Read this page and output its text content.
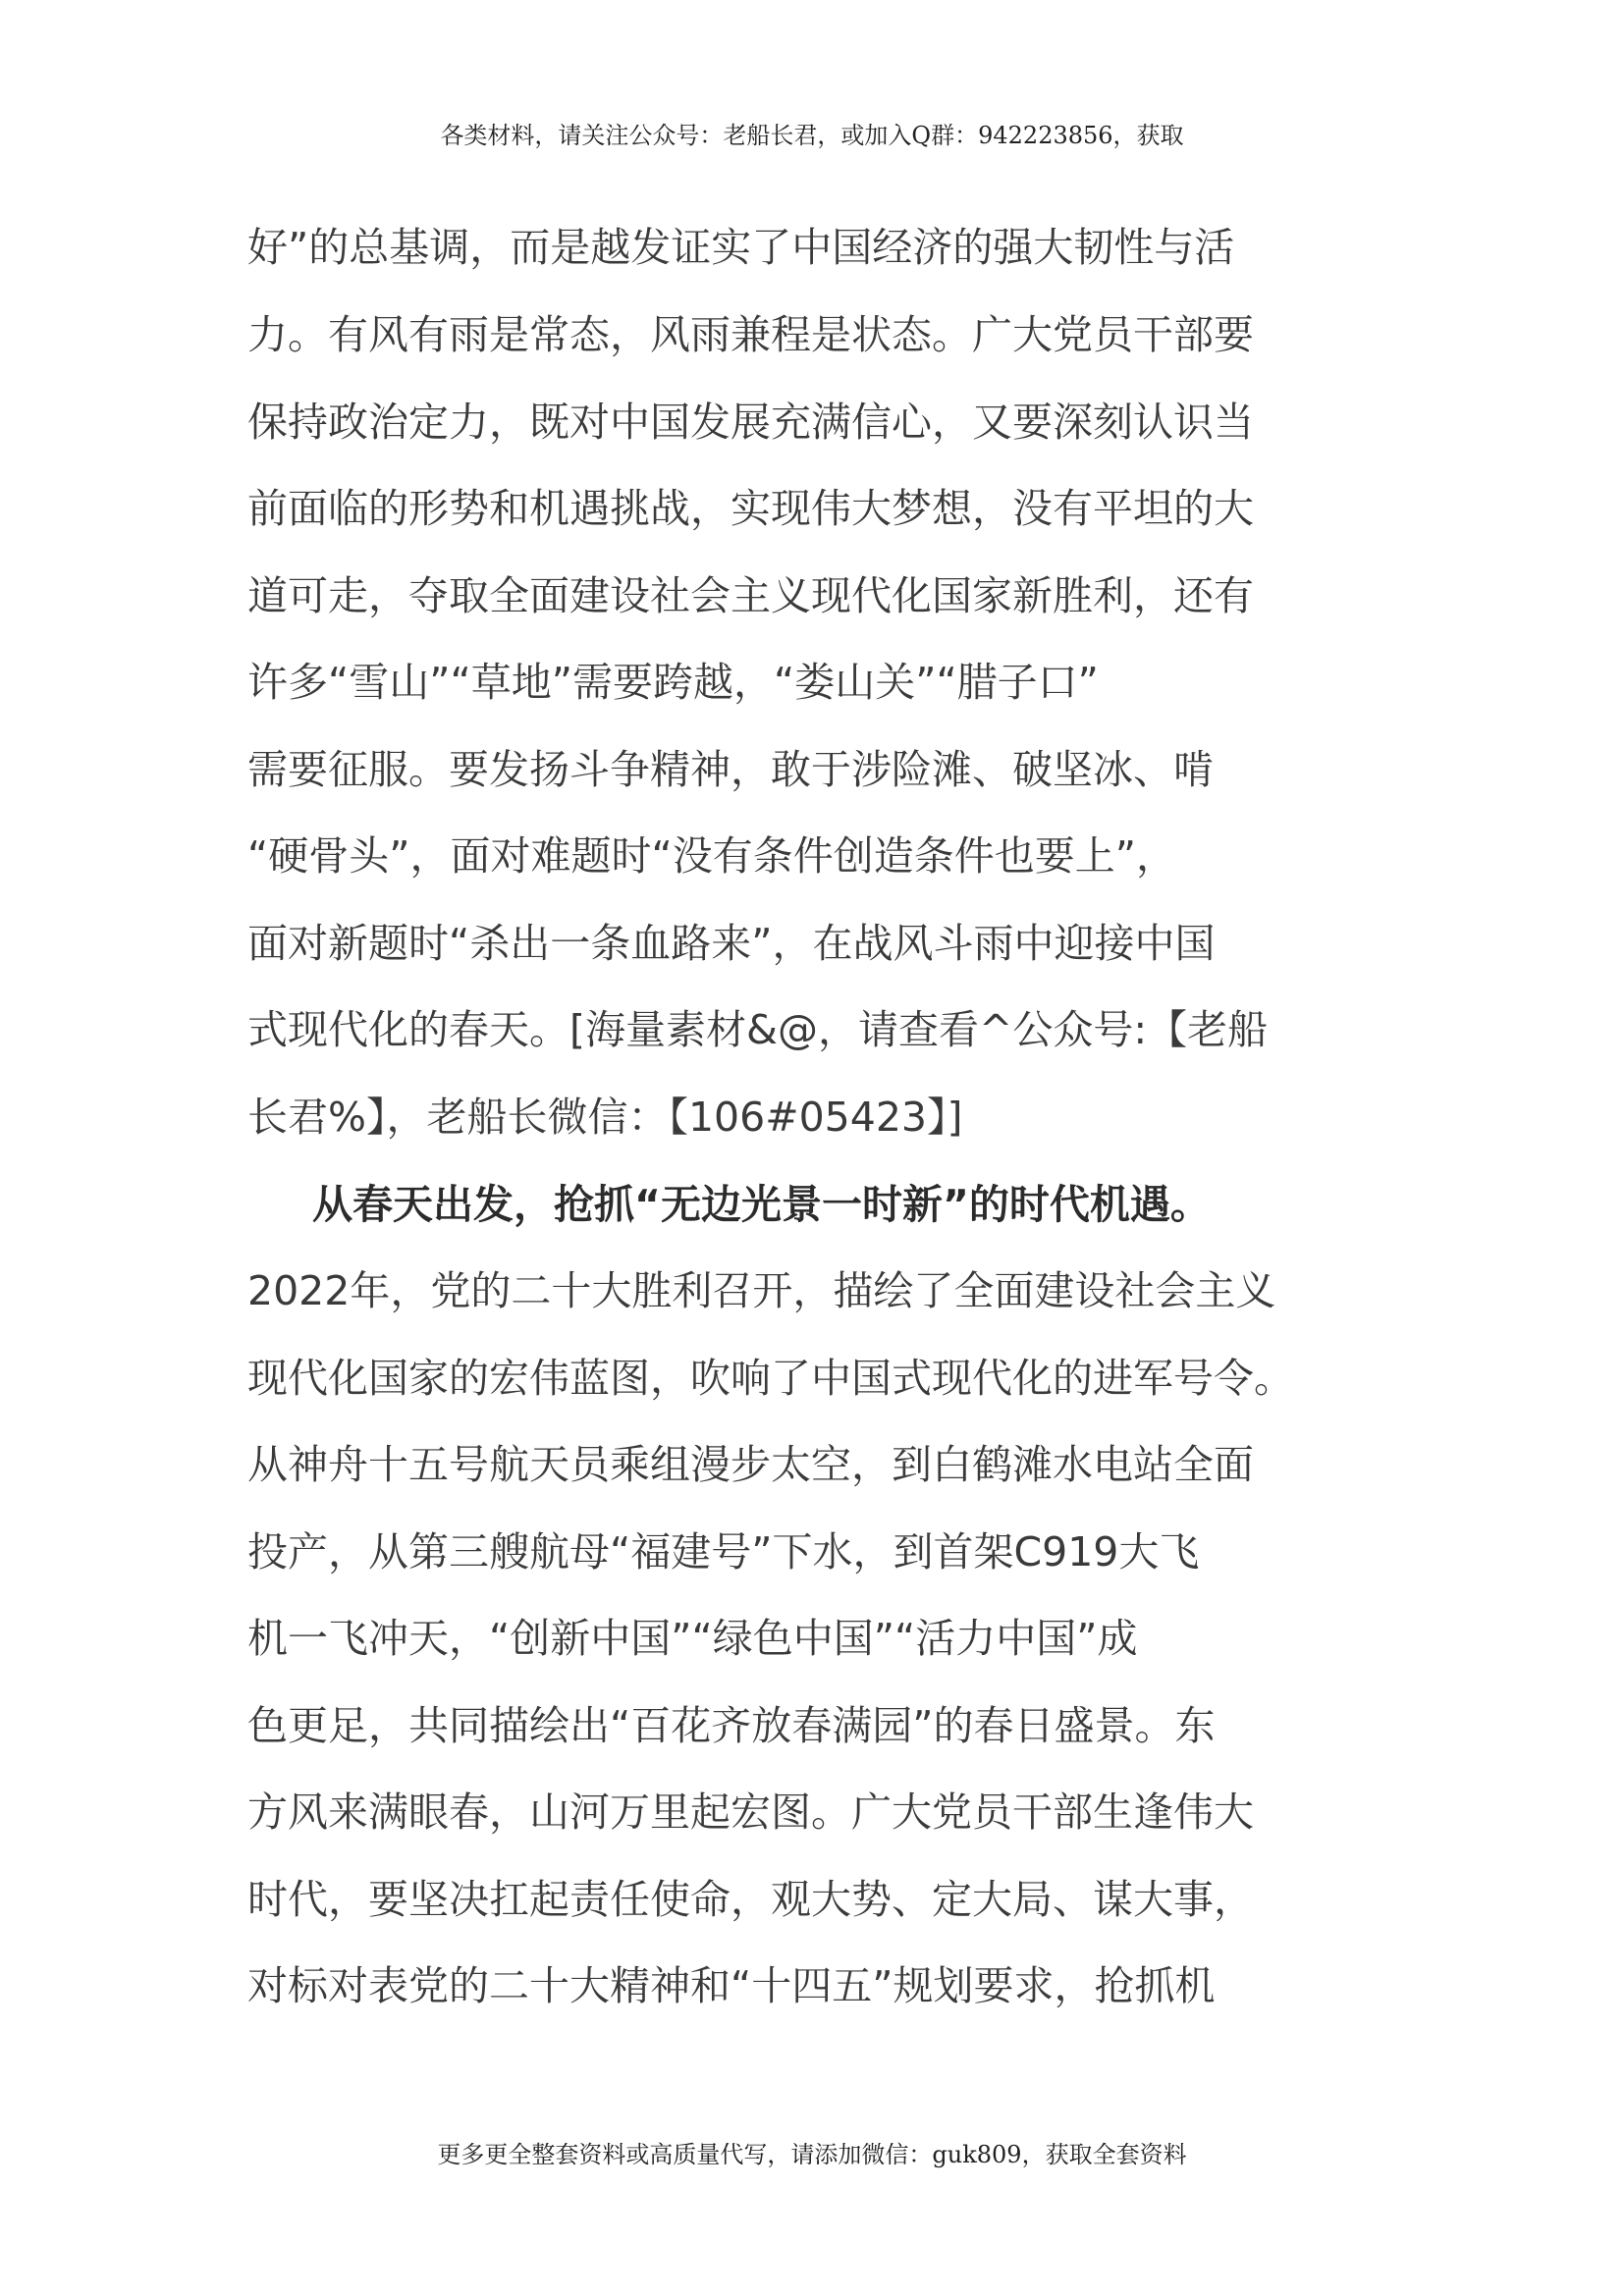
各类材料，请关注公众号：老船长君，或加入Q群：942223856，获取
好”的总基调，而是越发证实了中国经济的强大韧性与活
力。有风有雨是常态，风雨兼程是状态。广大党员干部要
保持政治定力，既对中国发展充满信心，又要深刻认识当
前面临的形势和机遇挑战，实现伟大梦想，没有平坦的大
道可走，夺取全面建设社会主义现代化国家新胜利，还有
许多“雪山”“草地”需要跨越，“娄山关”“腊子口”
需要征服。要发扬斗争精神，敢于涉险滩、破坚冰、啃
“硬骨头”，面对难题时“没有条件创造条件也要上”，
面对新题时“杀出一条血路来”，在战风斗雨中迎接中国
式现代化的春天。[海量素材&@，请查看^公众号:【老船
长君%】，老船长微信：【106#05423】]
从春天出发，抢抓“无边光景一时新”的时代机遇。
2022年，党的二十大胜利召开，描绘了全面建设社会主义
现代化国家的宏伟蓝图，吹响了中国式现代化的进军号令。
从神舟十五号航天员乘组漫步太空，到白鹤滩水电站全面
投产，从第三艘航母“福建号”下水，到首架C919大飞
机一飞冲天，“创新中国”“绿色中国”“活力中国”成
色更足，共同描绘出“百花齐放春满园”的春日盛景。东
方风来满眼春，山河万里起宏图。广大党员干部生逢伟大
时代，要坚决扛起责任使命，观大势、定大局、谋大事，
对标对表党的二十大精神和“十四五”规划要求，抢抓机
更多更全整套资料或高质量代写，请添加微信：guk809，获取全套资料
